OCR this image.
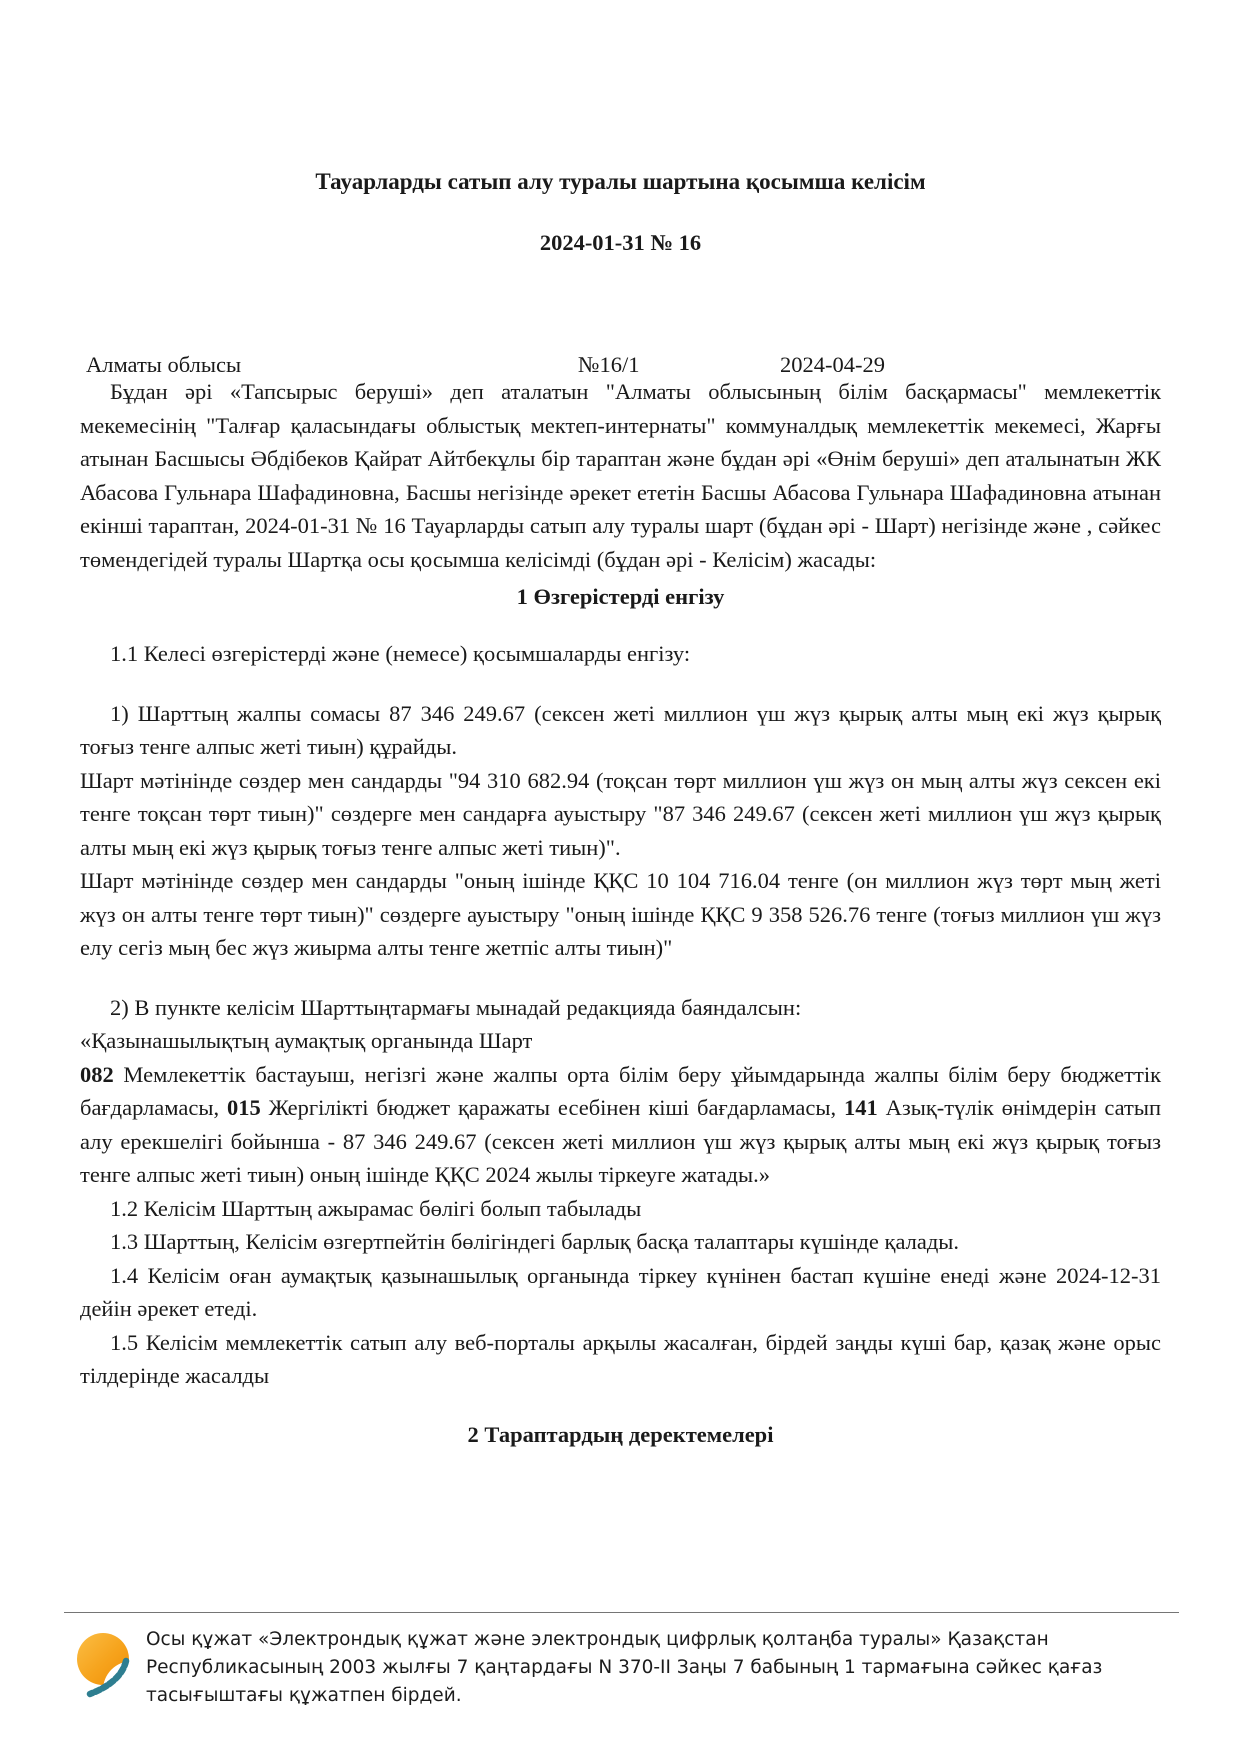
Тауарларды сатып алу туралы шартына қосымша келісім
2024-01-31 № 16
Алматы облысы	№16/1	2024-04-29

Бұдан әрі «Тапсырыс беруші» деп аталатын "Алматы облысының білім басқармасы" мемлекеттік мекемесінің "Талғар қаласындағы облыстық мектеп-интернаты" коммуналдық мемлекеттік мекемесі, Жарғы атынан Басшысы Әбдібеков Қайрат Айтбекұлы бір тараптан және бұдан әрі «Өнім беруші» деп аталынатын ЖК Абасова Гульнара Шафадиновна, Басшы негізінде әрекет ететін Басшы Абасова Гульнара Шафадиновна атынан екінші тараптан, 2024-01-31 № 16 Тауарларды сатып алу туралы шарт (бұдан әрі - Шарт) негізінде және , сәйкес төмендегідей туралы Шартқа осы қосымша келісімді (бұдан әрі - Келісім) жасады:

1 Өзгерістерді енгізу

1.1 Келесі өзгерістерді және (немесе) қосымшаларды енгізу:

1) Шарттың жалпы сомасы 87 346 249.67 (сексен жеті миллион үш жүз қырық алты мың екі жүз қырық тоғыз тенге алпыс жеті тиын) құрайды.
Шарт мәтінінде сөздер мен сандарды "94 310 682.94 (тоқсан төрт миллион үш жүз он мың алты жүз сексен екі тенге тоқсан төрт тиын)" сөздерге мен сандарға ауыстыру "87 346 249.67 (сексен жеті миллион үш жүз қырық алты мың екі жүз қырық тоғыз тенге алпыс жеті тиын)".
Шарт мәтінінде сөздер мен сандарды "оның ішінде ҚҚС 10 104 716.04 тенге (он миллион жүз төрт мың жеті жүз он алты тенге төрт тиын)" сөздерге ауыстыру "оның ішінде ҚҚС 9 358 526.76 тенге (тоғыз миллион үш жүз елу сегіз мың бес жүз жиырма алты тенге жетпіс алты тиын)"
2) В пункте келісім Шарттыңтармағы мынадай редакцияда баяндалсын:
«Қазынашылықтың аумақтық органында Шарт
082 Мемлекеттік бастауыш, негізгі және жалпы орта білім беру ұйымдарында жалпы білім беру бюджеттік бағдарламасы, 015 Жергілікті бюджет қаражаты есебінен кіші бағдарламасы, 141 Азық-түлік өнімдерін сатып алу ерекшелігі бойынша - 87 346 249.67 (сексен жеті миллион үш жүз қырық алты мың екі жүз қырық тоғыз тенге алпыс жеті тиын) оның ішінде ҚҚС 2024 жылы тіркеуге жатады.»

1.2 Келісім Шарттың ажырамас бөлігі болып табылады

1.3 Шарттың, Келісім өзгертпейтін бөлігіндегі барлық басқа талаптары күшінде қалады.

1.4 Келісім оған аумақтық қазынашылық органында тіркеу күнінен бастап күшіне енеді және 2024-12-31 дейін әрекет етеді.

1.5 Келісім мемлекеттік сатып алу веб-порталы арқылы жасалған, бірдей заңды күші бар, қазақ және орыс тілдерінде жасалды

2 Тараптардың деректемелері
Осы құжат «Электрондық құжат және электрондық цифрлық қолтаңба туралы» Қазақстан
Республикасының 2003 жылғы 7 қаңтардағы N 370-II Заңы 7 бабының 1 тармағына сәйкес қағаз
тасығыштағы құжатпен бірдей.
